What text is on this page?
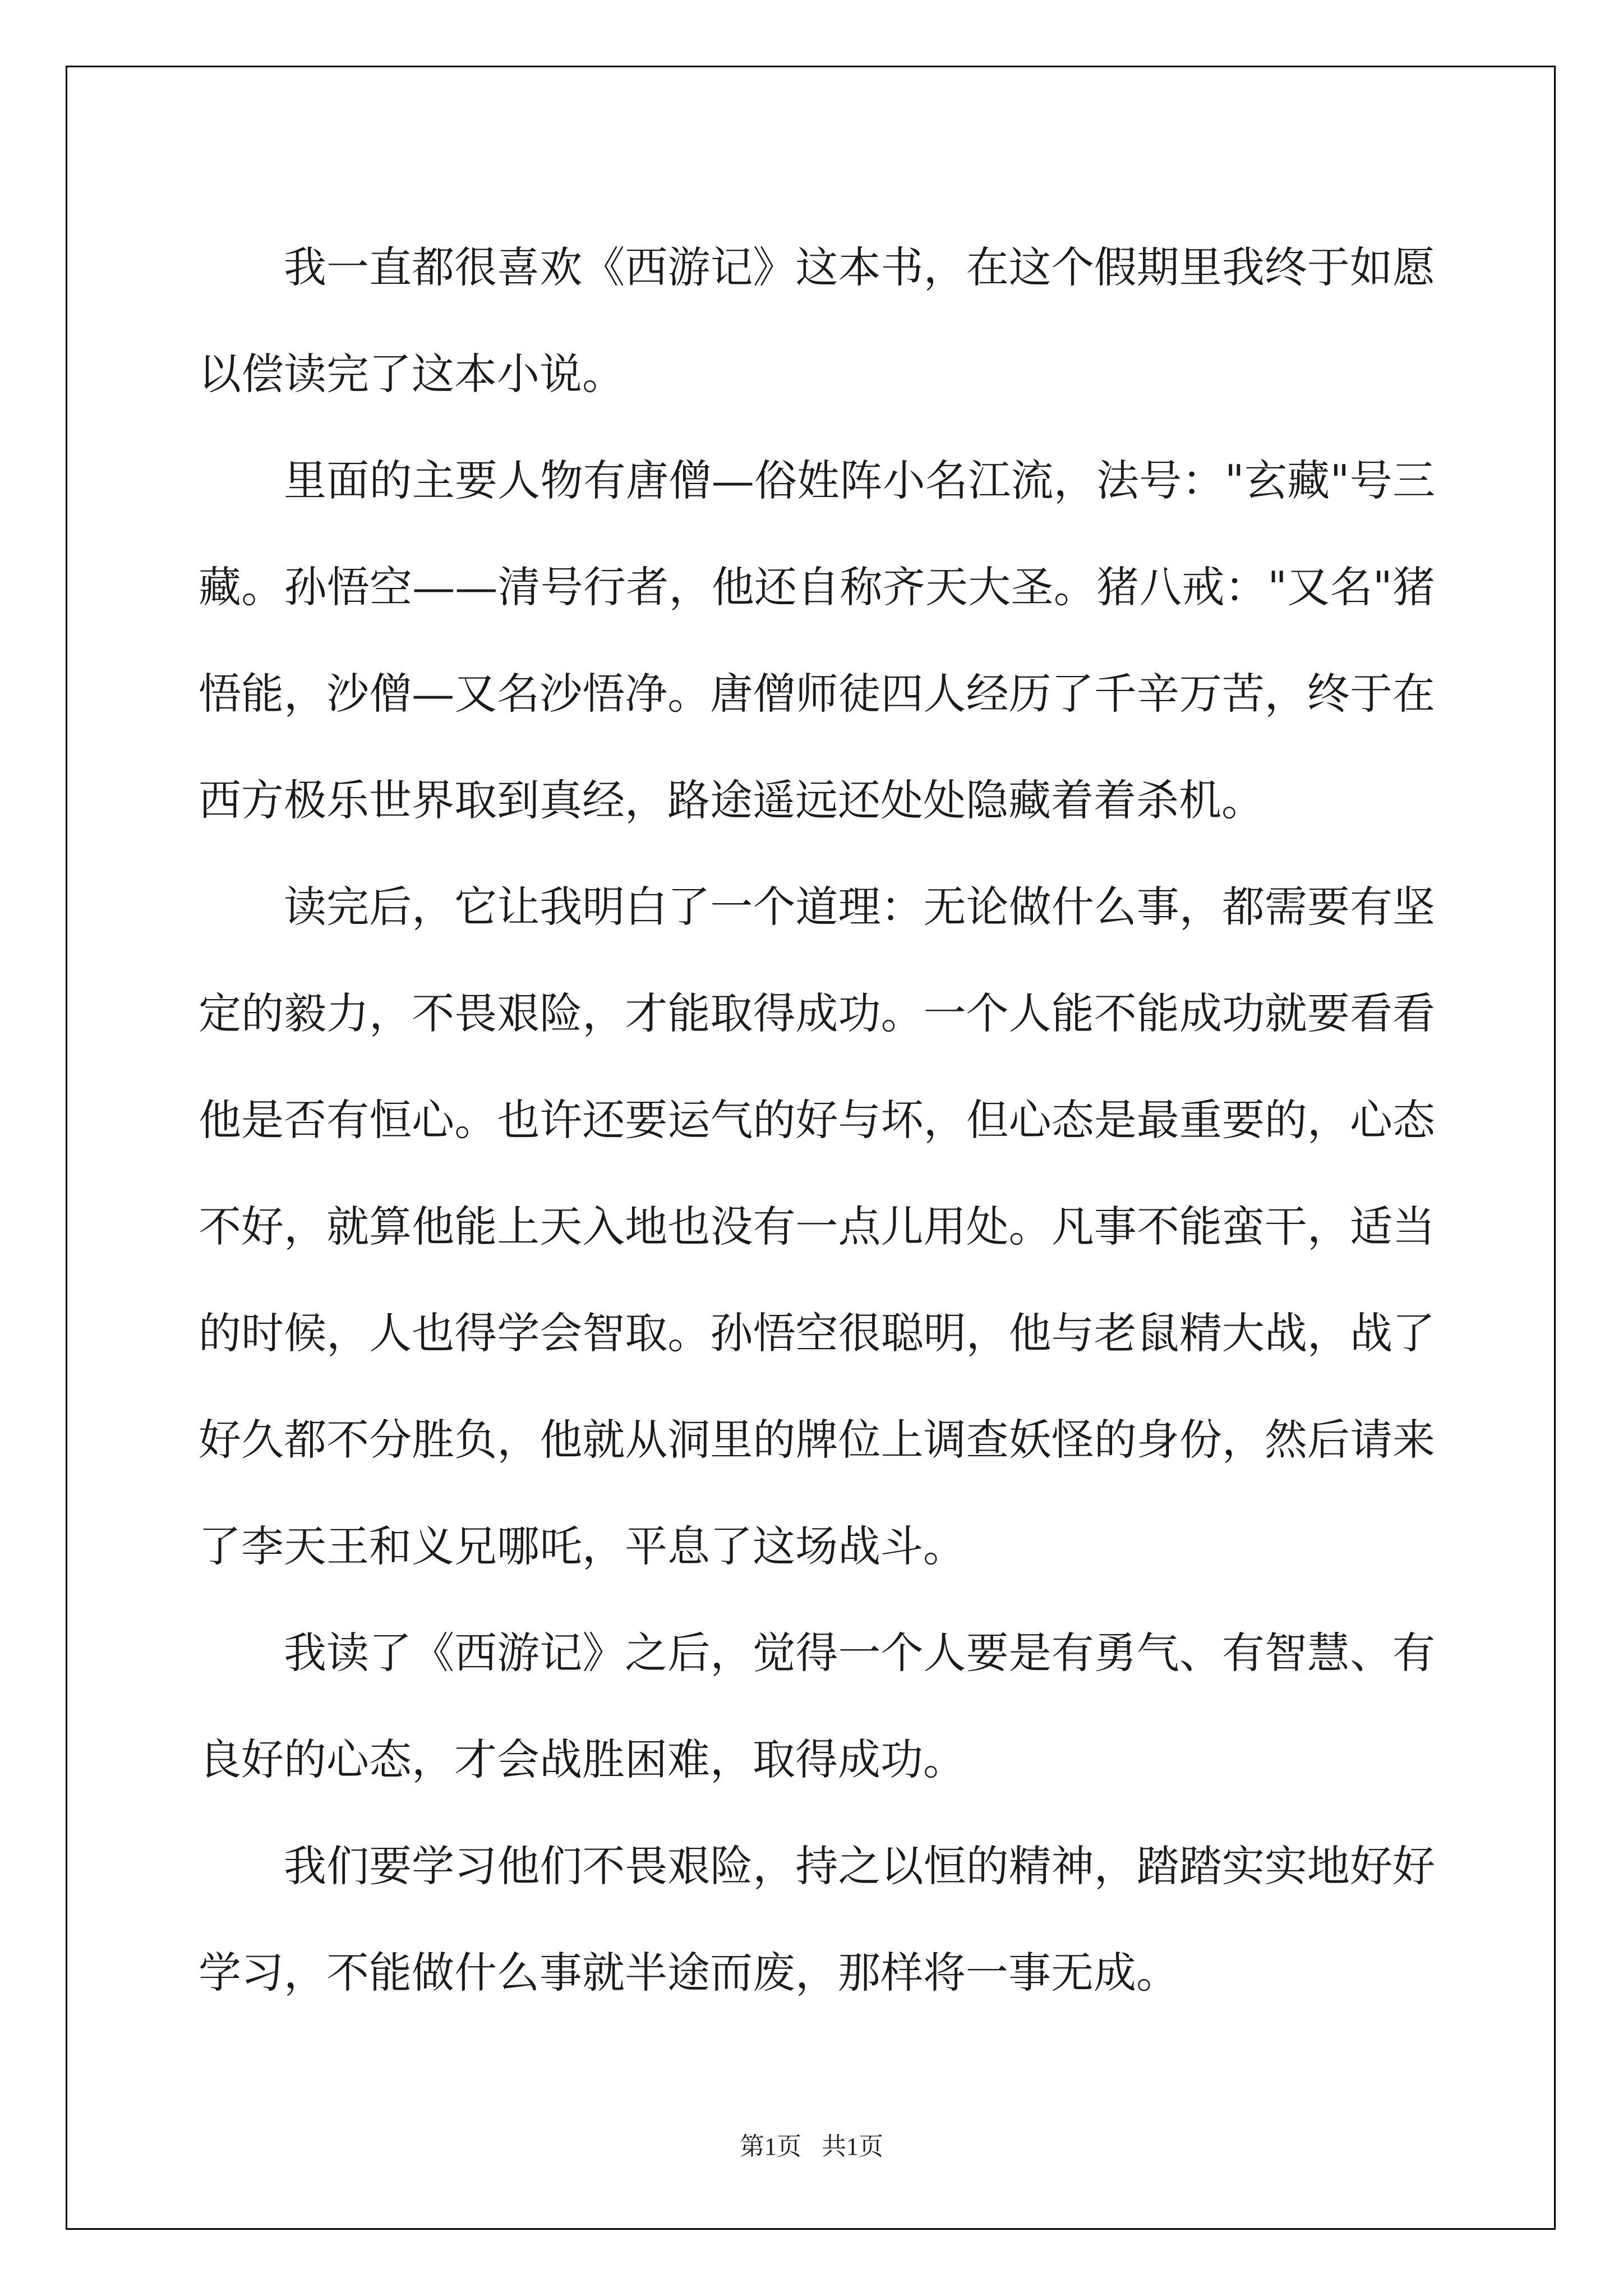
我一直都很喜欢《西游记》这本书，在这个假期里我终于如愿以偿读完了这本小说。

里面的主要人物有唐僧—俗姓阵小名江流，法号："玄藏"号三藏。孙悟空——清号行者，他还自称齐天大圣。猪八戒："又名"猪悟能，沙僧—又名沙悟净。唐僧师徒四人经历了千辛万苦，终于在西方极乐世界取到真经，路途遥远还处处隐藏着着杀机。

读完后，它让我明白了一个道理：无论做什么事，都需要有坚定的毅力，不畏艰险，才能取得成功。一个人能不能成功就要看看他是否有恒心。也许还要运气的好与坏，但心态是最重要的，心态不好，就算他能上天入地也没有一点儿用处。凡事不能蛮干，适当的时候，人也得学会智取。孙悟空很聪明，他与老鼠精大战，战了好久都不分胜负，他就从洞里的牌位上调查妖怪的身份，然后请来了李天王和义兄哪吒，平息了这场战斗。

我读了《西游记》之后，觉得一个人要是有勇气、有智慧、有良好的心态，才会战胜困难，取得成功。

我们要学习他们不畏艰险，持之以恒的精神，踏踏实实地好好学习，不能做什么事就半途而废，那样将一事无成。

第1页 共1页
